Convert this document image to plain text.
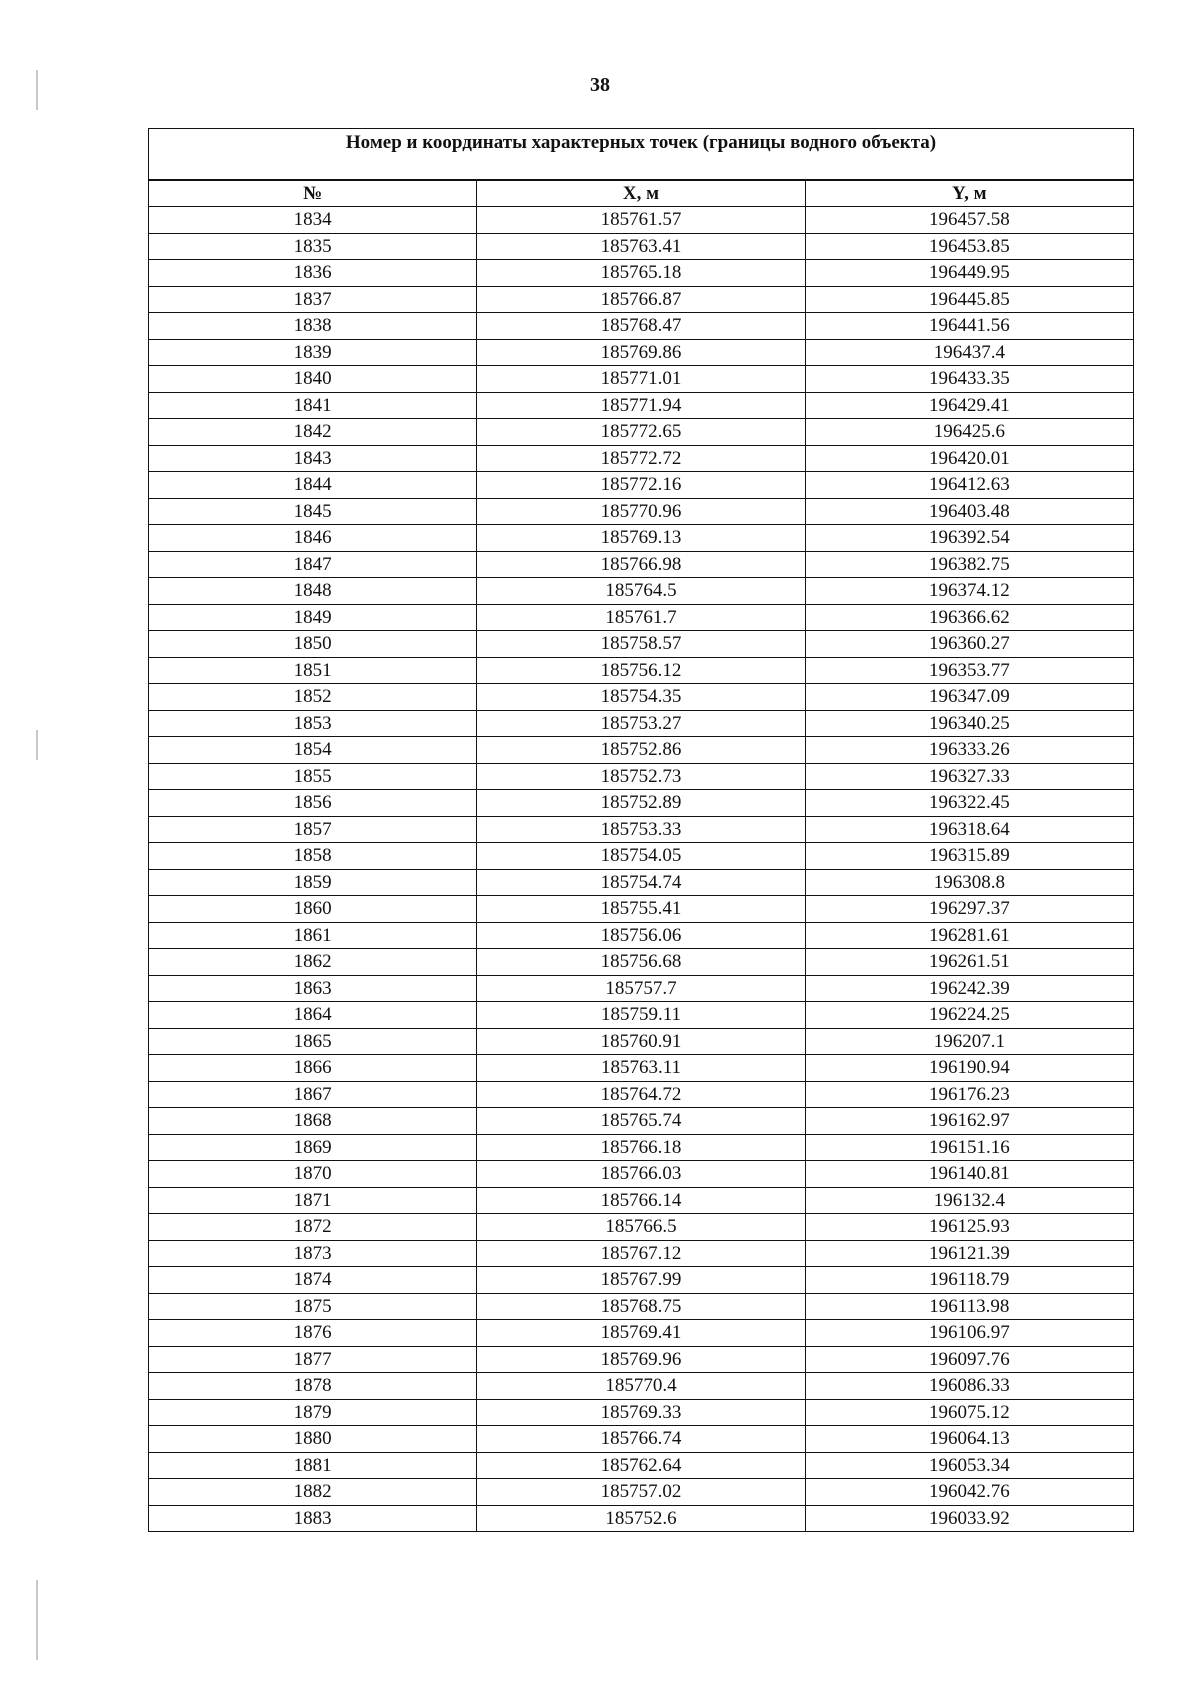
38
Номер и координаты характерных точек (границы водного объекта)		
№	X, м	Y, м
1834	185761.57	196457.58
1835	185763.41	196453.85
1836	185765.18	196449.95
1837	185766.87	196445.85
1838	185768.47	196441.56
1839	185769.86	196437.4
1840	185771.01	196433.35
1841	185771.94	196429.41
1842	185772.65	196425.6
1843	185772.72	196420.01
1844	185772.16	196412.63
1845	185770.96	196403.48
1846	185769.13	196392.54
1847	185766.98	196382.75
1848	185764.5	196374.12
1849	185761.7	196366.62
1850	185758.57	196360.27
1851	185756.12	196353.77
1852	185754.35	196347.09
1853	185753.27	196340.25
1854	185752.86	196333.26
1855	185752.73	196327.33
1856	185752.89	196322.45
1857	185753.33	196318.64
1858	185754.05	196315.89
1859	185754.74	196308.8
1860	185755.41	196297.37
1861	185756.06	196281.61
1862	185756.68	196261.51
1863	185757.7	196242.39
1864	185759.11	196224.25
1865	185760.91	196207.1
1866	185763.11	196190.94
1867	185764.72	196176.23
1868	185765.74	196162.97
1869	185766.18	196151.16
1870	185766.03	196140.81
1871	185766.14	196132.4
1872	185766.5	196125.93
1873	185767.12	196121.39
1874	185767.99	196118.79
1875	185768.75	196113.98
1876	185769.41	196106.97
1877	185769.96	196097.76
1878	185770.4	196086.33
1879	185769.33	196075.12
1880	185766.74	196064.13
1881	185762.64	196053.34
1882	185757.02	196042.76
1883	185752.6	196033.92
